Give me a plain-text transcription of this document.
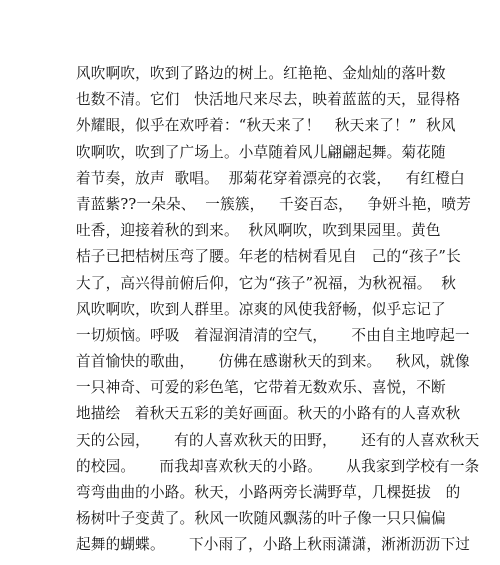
风吹啊吹，吹到了路边的树上。红艳艳、金灿灿的落叶数
也数不清。它们   快活地尺来尽去，映着蓝蓝的天，显得格
外耀眼，似乎在欢呼着：“秋天来了！   秋天来了！”  秋风
吹啊吹，吹到了广场上。小草随着风儿翩翩起舞。菊花随
着节奏，放声  歌唱。  那菊花穿着漂亮的衣裳，   有红橙白
青蓝紫??一朵朵、  一簇簇，   千姿百态，   争妍斗艳，喷芳
吐香，迎接着秋的到来。  秋风啊吹，吹到果园里。黄色
桔子已把桔树压弯了腰。年老的桔树看见自   己的“孩子”长
大了，高兴得前俯后仰，它为“孩子”祝福，为秋祝福。  秋
风吹啊吹，吹到人群里。凉爽的风使我舒畅，似乎忘记了
一切烦恼。呼吸   着湿润清清的空气，     不由自主地哼起一
首首愉快的歌曲，     仿佛在感谢秋天的到来。   秋风，就像
一只神奇、可爱的彩色笔，它带着无数欢乐、喜悦，不断
地描绘   着秋天五彩的美好画面。秋天的小路有的人喜欢秋
天的公园，     有的人喜欢秋天的田野，     还有的人喜欢秋天
的校园。     而我却喜欢秋天的小路。     从我家到学校有一条
弯弯曲曲的小路。秋天，小路两旁长满野草，几棵挺拔   的
杨树叶子变黄了。秋风一吹随风飘荡的叶子像一只只偏偏
起舞的蝴蝶。     下小雨了，小路上秋雨潇潇，淅淅沥沥下过
